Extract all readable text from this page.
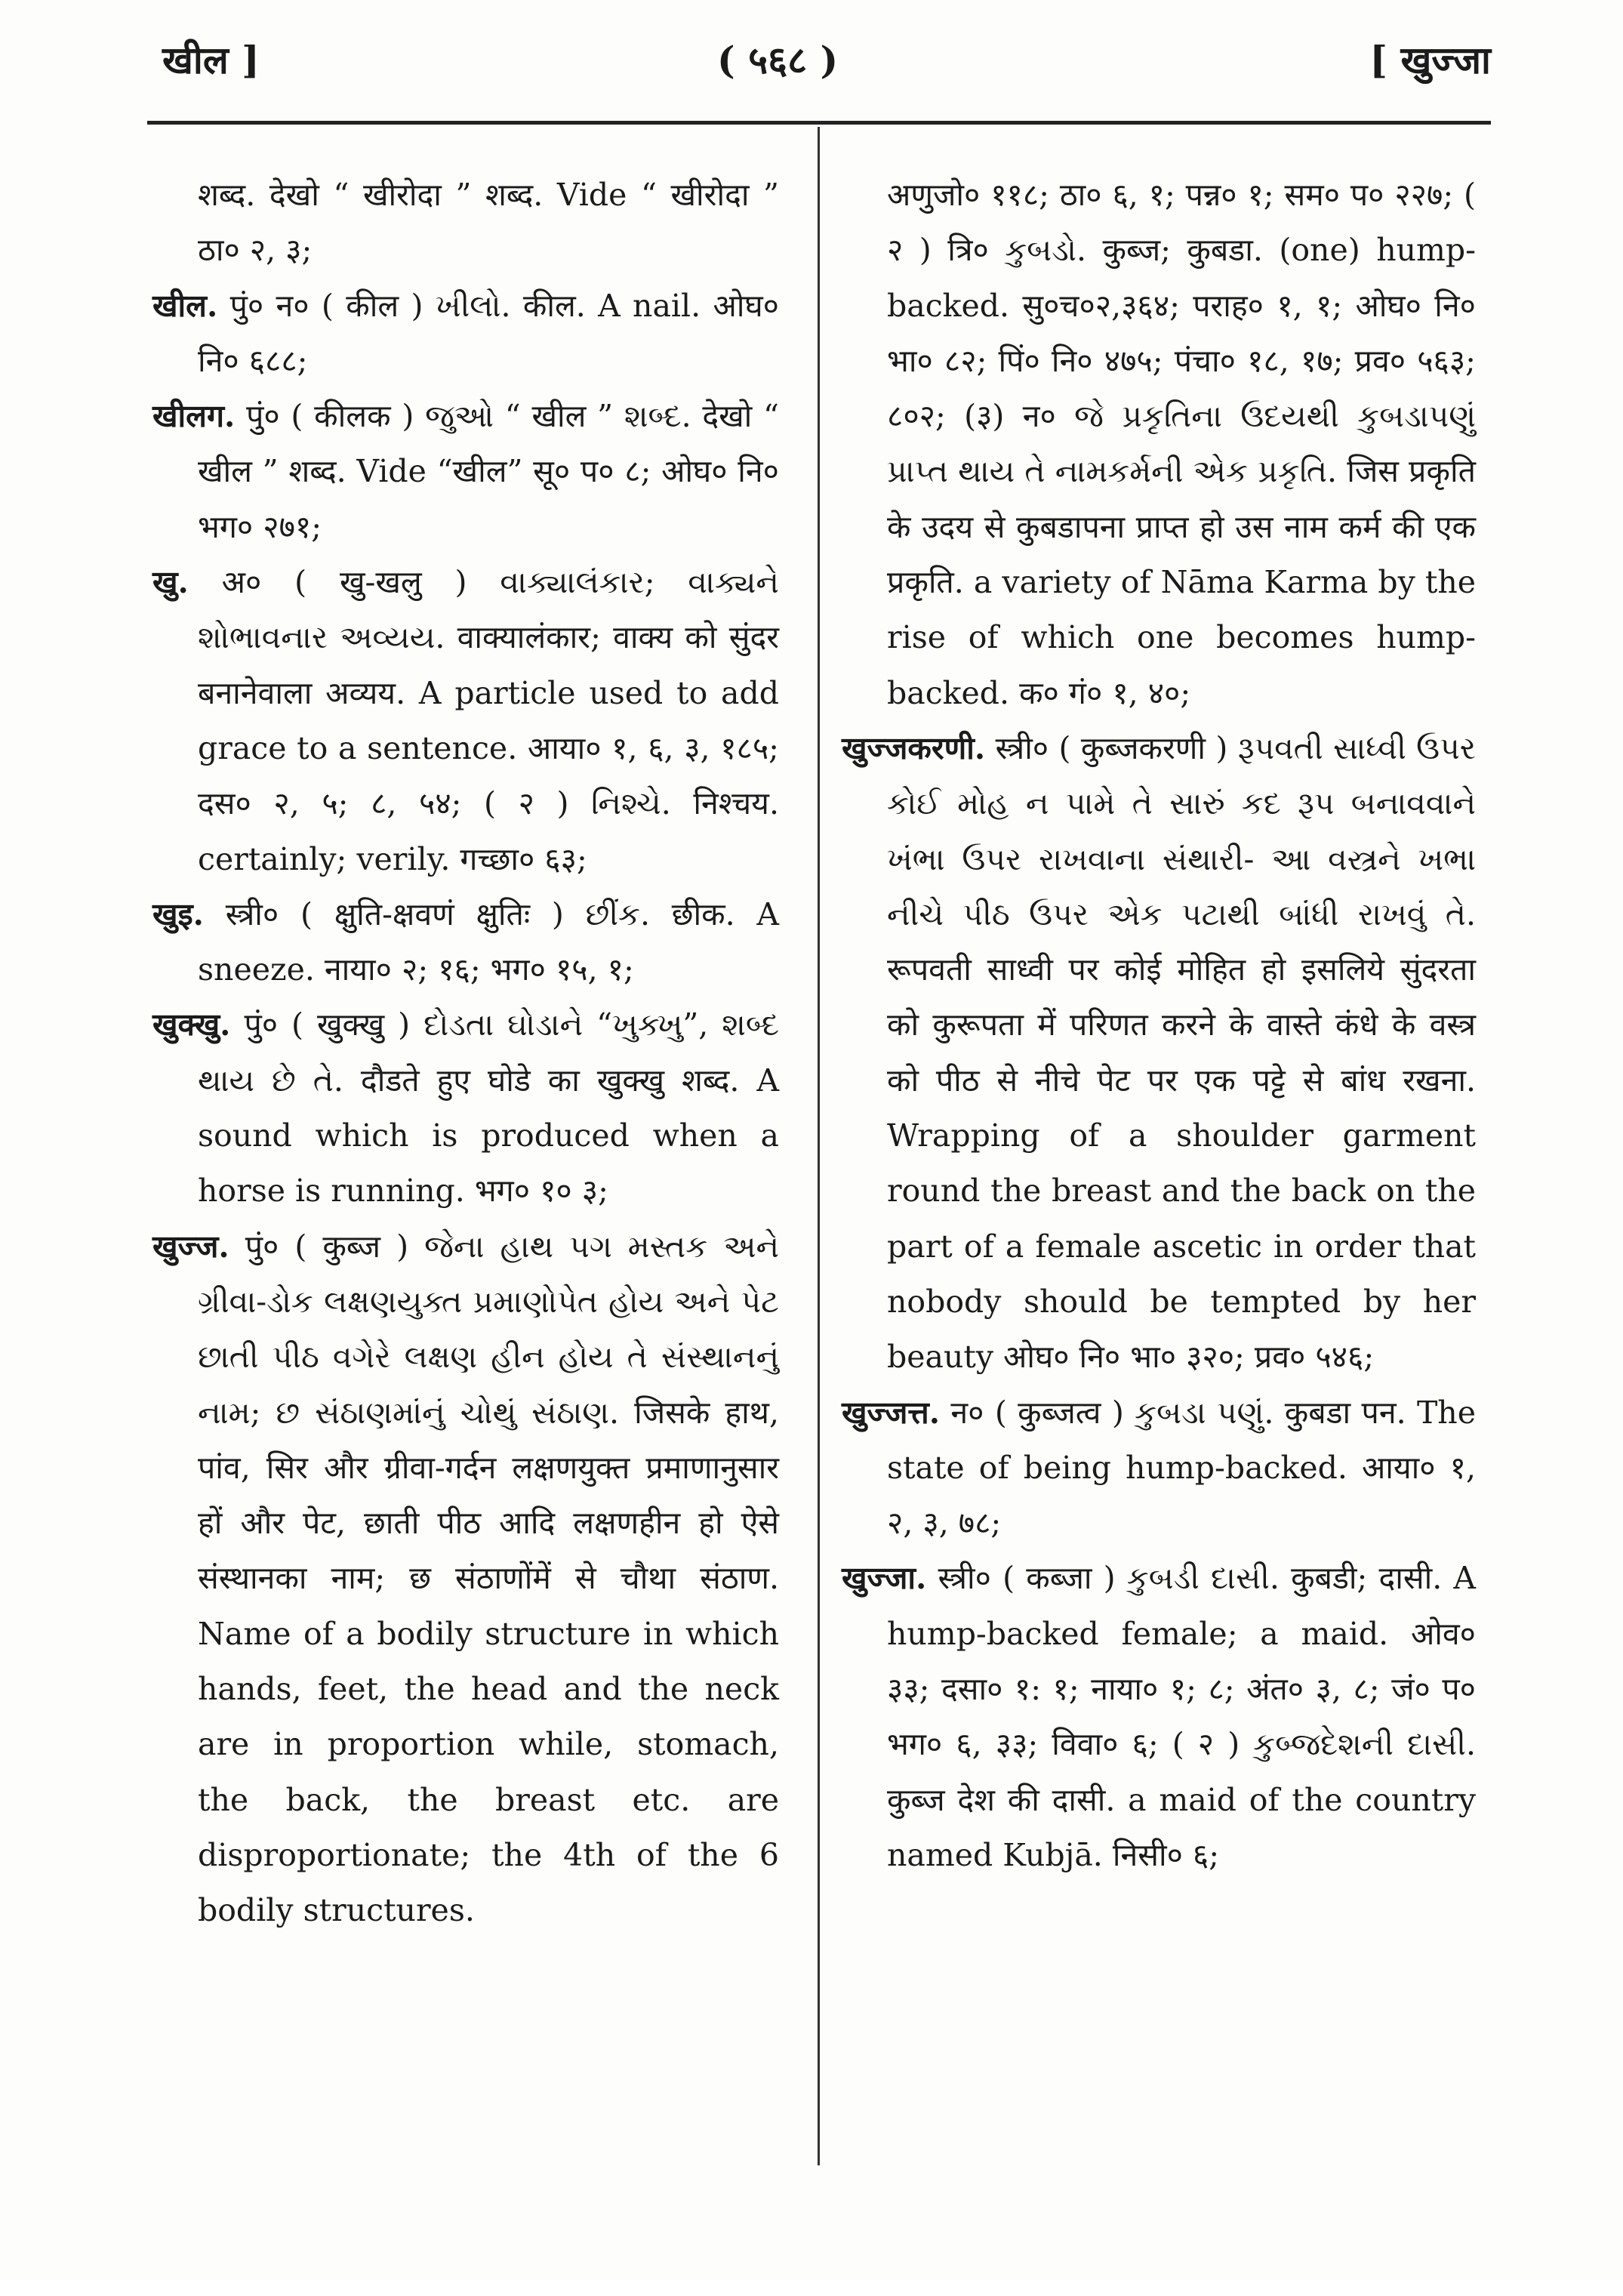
खील ]	( ५६८ )	[ खुज्जा

शब्द. देखो “ खीरोदा ” शब्द. Vide “ खीरोदा ” ठा० २, ३;

खील. पुं० न० ( कील ) ખીલો. कील. A nail. ओघ० नि० ६८८;

खीलग. पुं० ( कीलक ) જુઓ “ खील ” શબ્દ. देखो “ खील ” शब्द. Vide “खील” सू० प० ८; ओघ० नि० भग० २७१;

खु. अ० ( खु-खलु ) વાક્યાલંકાર; વાક્યને શોભાવનાર અવ્યય. वाक्यालंकार; वाक्य को सुंदर बनानेवाला अव्यय. A particle used to add grace to a sentence. आया० १, ६, ३, १८५; दस० २, ५; ८, ५४; ( २ ) નિશ્ચે. निश्चय. certainly; verily. गच्छा० ६३;

खुइ. स्त्री० ( क्षुति-क्षवणं क्षुतिः ) છીંક. छीक. A sneeze. नाया० २; १६; भग० १५, १;

खुक्खु. पुं० ( खुक्खु ) દોડતા ઘોડાને “ખુક્ખુ”, શબ્દ થાય છે તે. दौडते हुए घोडे का खुक्खु शब्द. A sound which is produced when a horse is running. भग० १० ३;

खुज्ज. पुं० ( कुब्ज ) જેના હાથ પગ મસ્તક અને ગ્રીવા-ડોક લક્ષણયુક્ત પ્રમાણોપેત હોય અને પેટ છાતી પીઠ વગેરે લક્ષણ હીન હોય તે સંસ્થાનનું નામ; છ સંઠાણમાંનું ચોથું સંઠાણ. जिसके हाथ, पांव, सिर और ग्रीवा-गर्दन लक्षणयुक्त प्रमाणानुसार हों और पेट, छाती पीठ आदि लक्षणहीन हो ऐसे संस्थानका नाम; छ संठाणोंमें से चौथा संठाण. Name of a bodily structure in which hands, feet, the head and the neck are in proportion while, stomach, the back, the breast etc. are disproportionate; the 4th of the 6 bodily structures.

अणुजो० ११८; ठा० ६, १; पन्न० १; सम० प० २२७; ( २ ) त्रि० કુબડો. कुब्ज; कुबडा. (one) hump-backed. सु०च०२,३६४; पराह० १, १; ओघ० नि० भा० ८२; पिं० नि० ४७५; पंचा० १८, १७; प्रव० ५६३; ८०२; (३) न० જે પ્રકૃતિના ઉદયથી કુબડાપણું પ્રાપ્ત થાય તે નામકર્મની એક પ્રકૃતિ. जिस प्रकृति के उदय से कुबडापना प्राप्त हो उस नाम कर्म की एक प्रकृति. a variety of Nāma Karma by the rise of which one becomes hump-backed. क० गं० १, ४०;

खुज्जकरणी. स्त्री० ( कुब्जकरणी ) રૂપવતી સાધ્વી ઉપર કોઈ મોહ ન પામે તે સારું કદ રૂપ બનાવવાને ખંભા ઉપર રાખવાના સંથારી- આ વસ્ત્રને ખભા નીચે પીઠ ઉપર એક પટાથી બાંધી રાખવું તે. रूपवती साध्वी पर कोई मोहित हो इसलिये सुंदरता को कुरूपता में परिणत करने के वास्ते कंधे के वस्त्र को पीठ से नीचे पेट पर एक पट्टे से बांध रखना. Wrapping of a shoulder garment round the breast and the back on the part of a female ascetic in order that nobody should be tempted by her beauty ओघ० नि० भा० ३२०; प्रव० ५४६;

खुज्जत्त. न० ( कुब्जत्व ) કુબડા પણું. कुबडा पन. The state of being hump-backed. आया० १, २, ३, ७८;

खुज्जा. स्त्री० ( कब्जा ) કુબડી દાસી. कुबडी; दासी. A hump-backed female; a maid. ओव० ३३; दसा० १: १; नाया० १; ८; अंत० ३, ८; जं० प० भग० ६, ३३; विवा० ६; ( २ ) કુબ્જદેશની દાસી. कुब्ज देश की दासी. a maid of the country named Kubjā. निसी० ६;
